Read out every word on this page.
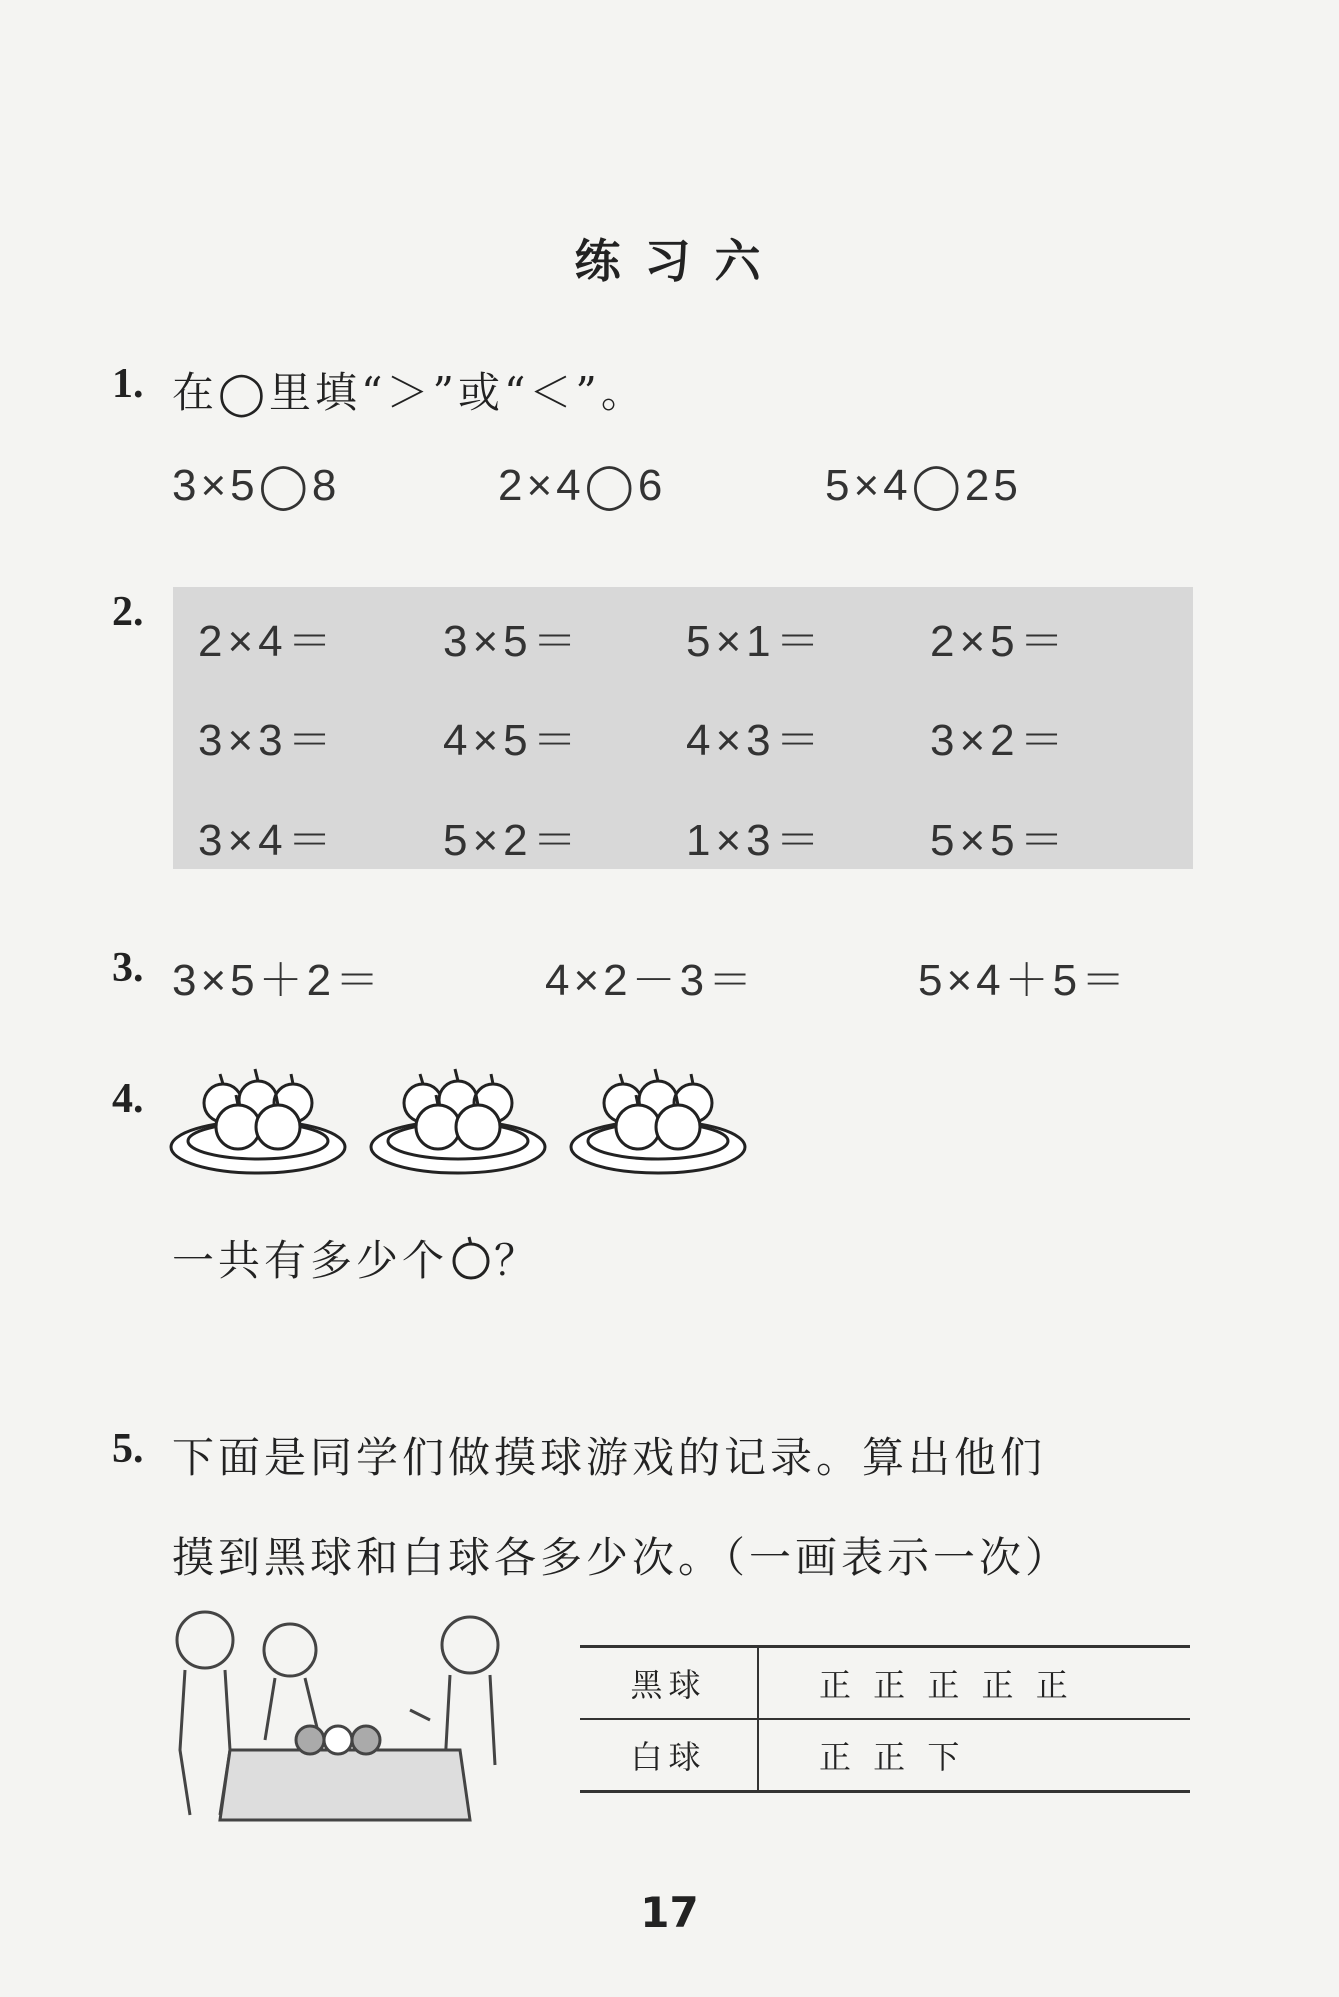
练 习 六
1. 在◯里填“＞”或“＜”。
3×5◯8	2×4◯6	5×4◯25
2.
2×4＝ 3×5＝ 5×1＝ 2×5＝
3×3＝ 4×5＝ 4×3＝ 3×2＝
3×4＝ 5×2＝ 1×3＝ 5×5＝
3. 3×5＋2＝	4×2－3＝	5×4＋5＝
4.
一共有多少个 ？
5. 下面是同学们做摸球游戏的记录。算出他们
摸到黑球和白球各多少次。（一画表示一次）
黑球	正 正 正 正 正
白球	正 正 下
17
